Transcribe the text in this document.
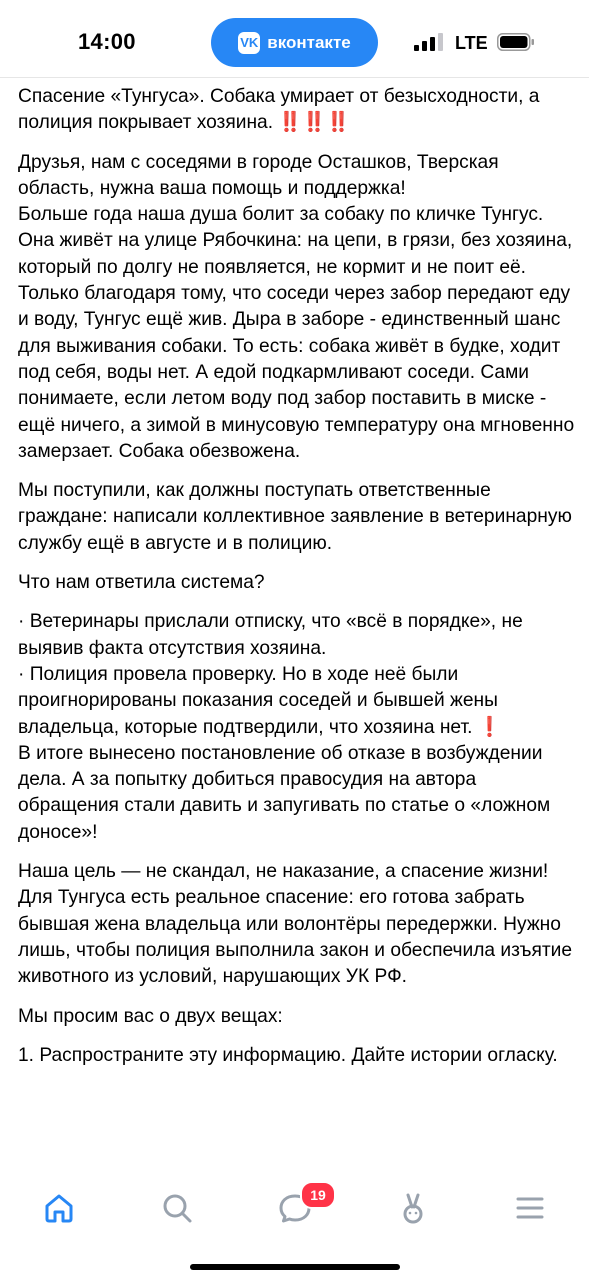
14:00	VK вконтакте	LTE

Спасение «Тунгуса». Собака умирает от безысходности, а полиция покрывает хозяина. ‼️‼️‼️

Друзья, нам с соседями в городе Осташков, Тверская область, нужна ваша помощь и поддержка!
Больше года наша душа болит за собаку по кличке Тунгус. Она живёт на улице Рябочкина: на цепи, в грязи, без хозяина, который по долгу не появляется, не кормит и не поит её. Только благодаря тому, что соседи через забор передают еду и воду, Тунгус ещё жив. Дыра в заборе - единственный шанс для выживания собаки. То есть: собака живёт в будке, ходит под себя, воды нет. А едой подкармливают соседи. Сами понимаете, если летом воду под забор поставить в миске - ещё ничего, а зимой в минусовую температуру она мгновенно замерзает. Собака обезвожена.

Мы поступили, как должны поступать ответственные граждане: написали коллективное заявление в ветеринарную службу ещё в августе и в полицию.

Что нам ответила система?

· Ветеринары прислали отписку, что «всё в порядке», не выявив факта отсутствия хозяина.
· Полиция провела проверку. Но в ходе неё были проигнорированы показания соседей и бывшей жены владельца, которые подтвердили, что хозяина нет. ❗
В итоге вынесено постановление об отказе в возбуждении дела. А за попытку добиться правосудия на автора обращения стали давить и запугивать по статье о «ложном доносе»!

Наша цель — не скандал, не наказание, а спасение жизни!
Для Тунгуса есть реальное спасение: его готова забрать бывшая жена владельца или волонтёры передержки. Нужно лишь, чтобы полиция выполнила закон и обеспечила изъятие животного из условий, нарушающих УК РФ.

Мы просим вас о двух вещах:

1. Распространите эту информацию. Дайте истории огласку.

19
